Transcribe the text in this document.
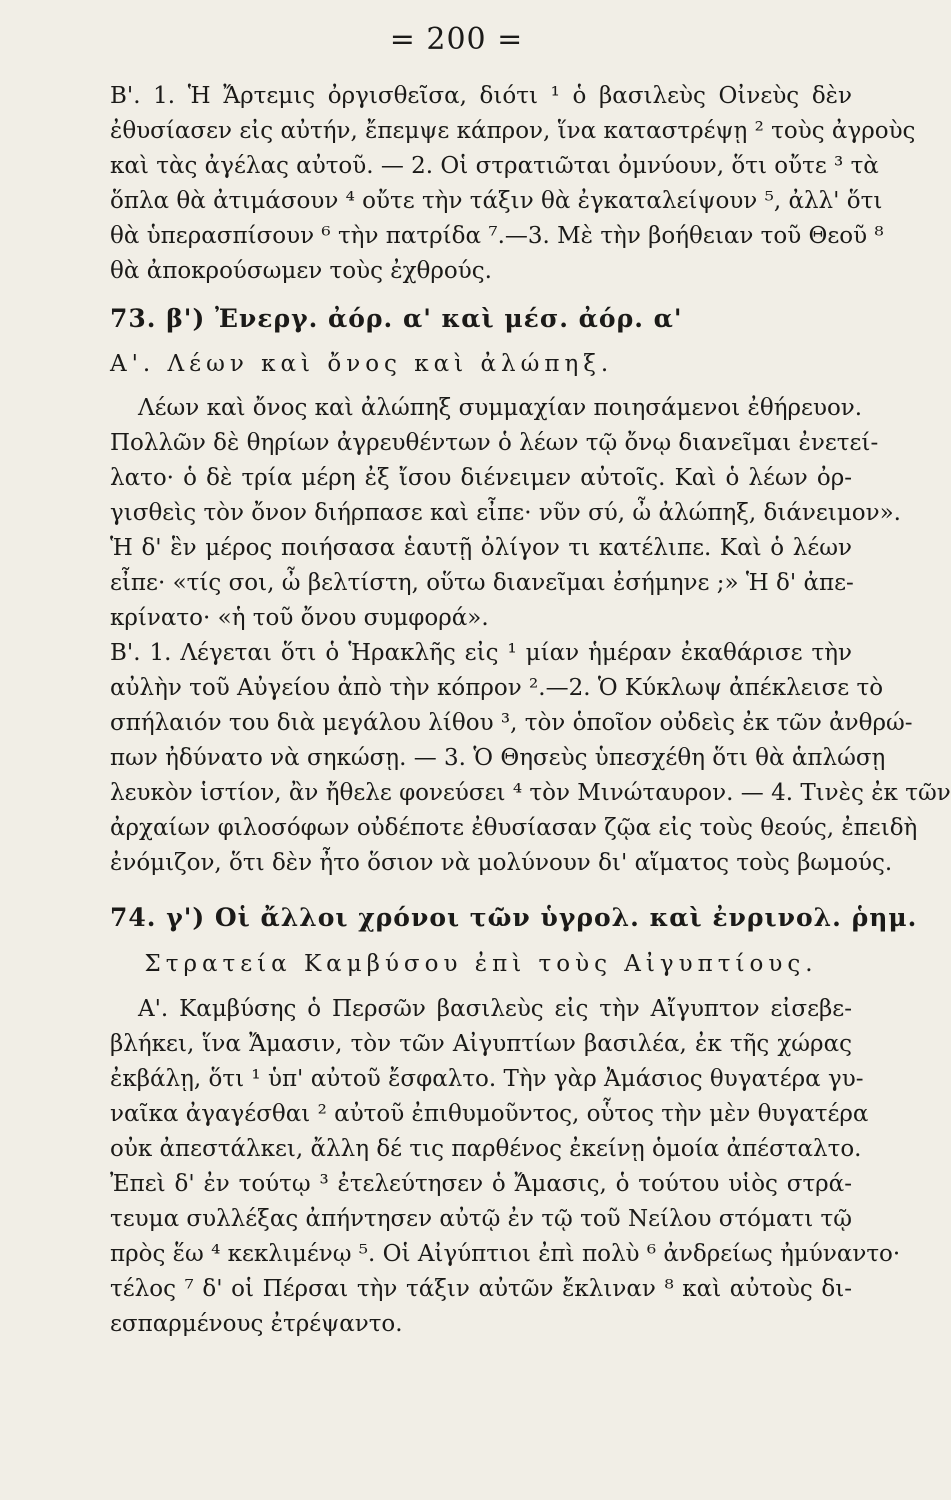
= 200 =
Β'. 1. Ἡ Ἄρτεμις ὀργισθεῖσα, διότι ¹ ὁ βασιλεὺς Οἰνεὺς δὲν
ἐθυσίασεν εἰς αὐτήν, ἔπεμψε κάπρον, ἵνα καταστρέψῃ ² τοὺς ἀγροὺς
καὶ τὰς ἀγέλας αὐτοῦ. — 2. Οἱ στρατιῶται ὀμνύουν, ὅτι οὔτε ³ τὰ
ὅπλα θὰ ἀτιμάσουν ⁴ οὔτε τὴν τάξιν θὰ ἐγκαταλείψουν ⁵, ἀλλ' ὅτι
θὰ ὑπερασπίσουν ⁶ τὴν πατρίδα ⁷.—3. Μὲ τὴν βοήθειαν τοῦ Θεοῦ ⁸
θὰ ἀποκρούσωμεν τοὺς ἐχθρούς.
73. β') Ἐνεργ. ἀόρ. α' καὶ μέσ. ἀόρ. α'
Α'. Λέων καὶ ὄνος καὶ ἀλώπηξ.
Λέων καὶ ὄνος καὶ ἀλώπηξ συμμαχίαν ποιησάμενοι ἐθήρευον.
Πολλῶν δὲ θηρίων ἀγρευθέντων ὁ λέων τῷ ὄνῳ διανεῖμαι ἐνετεί-
λατο· ὁ δὲ τρία μέρη ἐξ ἴσου διένειμεν αὐτοῖς. Καὶ ὁ λέων ὀρ-
γισθεὶς τὸν ὄνον διήρπασε καὶ εἶπε· νῦν σύ, ὦ ἀλώπηξ, διάνειμον».
Ἡ δ' ἓν μέρος ποιήσασα ἑαυτῇ ὀλίγον τι κατέλιπε. Καὶ ὁ λέων
εἶπε· «τίς σοι, ὦ βελτίστη, οὕτω διανεῖμαι ἐσήμηνε ;» Ἡ δ' ἀπε-
κρίνατο· «ἡ τοῦ ὄνου συμφορά».
Β'. 1. Λέγεται ὅτι ὁ Ἡρακλῆς εἰς ¹ μίαν ἡμέραν ἐκαθάρισε τὴν
αὐλὴν τοῦ Αὐγείου ἀπὸ τὴν κόπρον ².—2. Ὁ Κύκλωψ ἀπέκλεισε τὸ
σπήλαιόν του διὰ μεγάλου λίθου ³, τὸν ὁποῖον οὐδεὶς ἐκ τῶν ἀνθρώ-
πων ἠδύνατο νὰ σηκώσῃ. — 3. Ὁ Θησεὺς ὑπεσχέθη ὅτι θὰ ἁπλώσῃ
λευκὸν ἱστίον, ἂν ἤθελε φονεύσει ⁴ τὸν Μινώταυρον. — 4. Τινὲς ἐκ τῶν
ἀρχαίων φιλοσόφων οὐδέποτε ἐθυσίασαν ζῷα εἰς τοὺς θεούς, ἐπειδὴ
ἐνόμιζον, ὅτι δὲν ἦτο ὅσιον νὰ μολύνουν δι' αἵματος τοὺς βωμούς.
74. γ') Οἱ ἄλλοι χρόνοι τῶν ὑγρολ. καὶ ἐνρινολ. ῥημ.
Στρατεία Καμβύσου ἐπὶ τοὺς Αἰγυπτίους.
Α'. Καμβύσης ὁ Περσῶν βασιλεὺς εἰς τὴν Αἴγυπτον εἰσεβε-
βλήκει, ἵνα Ἄμασιν, τὸν τῶν Αἰγυπτίων βασιλέα, ἐκ τῆς χώρας
ἐκβάλῃ, ὅτι ¹ ὑπ' αὐτοῦ ἔσφαλτο. Τὴν γὰρ Ἀμάσιος θυγατέρα γυ-
ναῖκα ἀγαγέσθαι ² αὐτοῦ ἐπιθυμοῦντος, οὗτος τὴν μὲν θυγατέρα
οὐκ ἀπεστάλκει, ἄλλη δέ τις παρθένος ἐκείνῃ ὁμοία ἀπέσταλτο.
Ἐπεὶ δ' ἐν τούτῳ ³ ἐτελεύτησεν ὁ Ἄμασις, ὁ τούτου υἱὸς στρά-
τευμα συλλέξας ἀπήντησεν αὐτῷ ἐν τῷ τοῦ Νείλου στόματι τῷ
πρὸς ἕω ⁴ κεκλιμένῳ ⁵. Οἱ Αἰγύπτιοι ἐπὶ πολὺ ⁶ ἀνδρείως ἠμύναντο·
τέλος ⁷ δ' οἱ Πέρσαι τὴν τάξιν αὐτῶν ἔκλιναν ⁸ καὶ αὐτοὺς δι-
εσπαρμένους ἐτρέψαντο.
